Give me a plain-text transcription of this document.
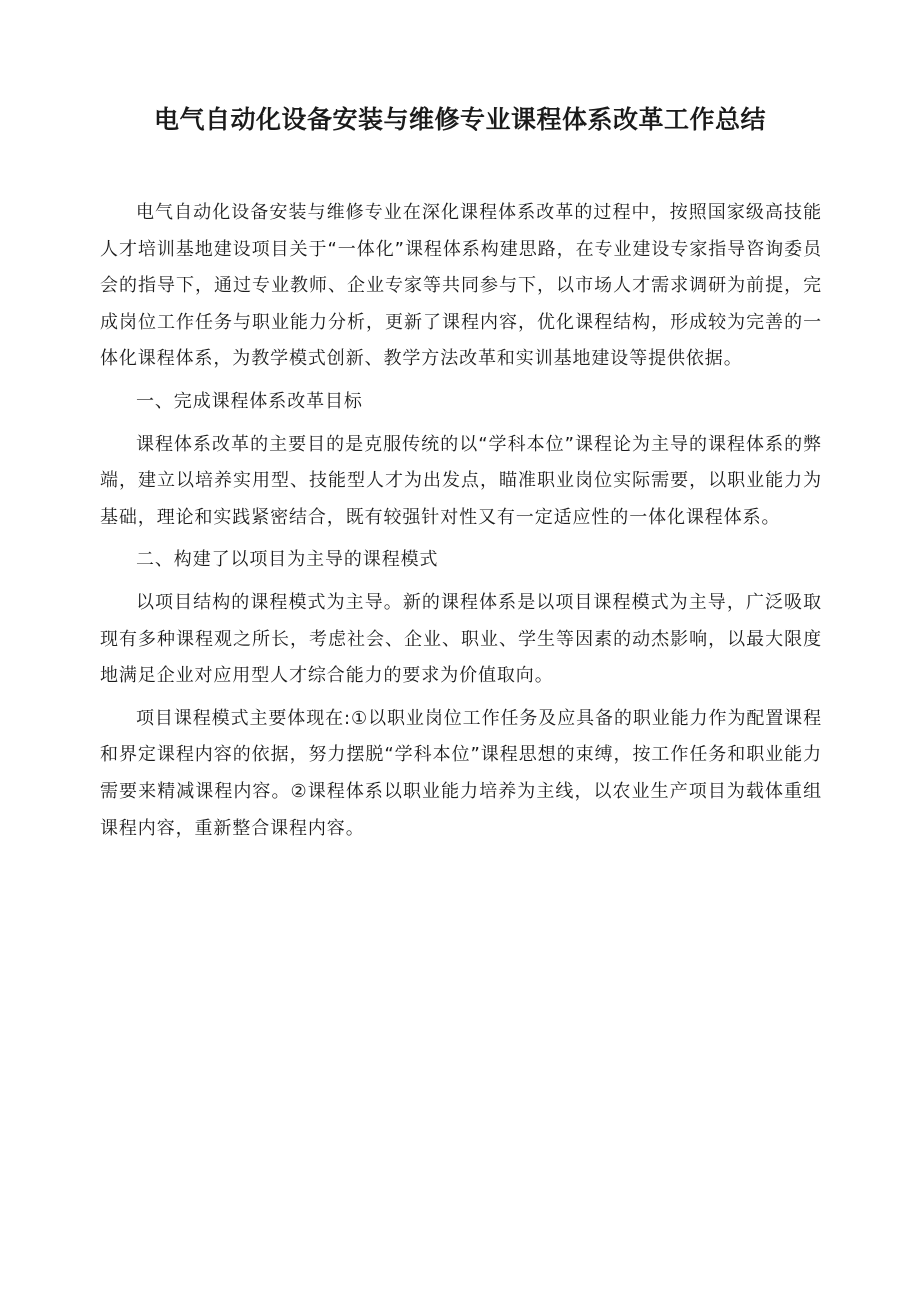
电气自动化设备安装与维修专业课程体系改革工作总结

电气自动化设备安装与维修专业在深化课程体系改革的过程中，按照国家级高技能人才培训基地建设项目关于“一体化”课程体系构建思路，在专业建设专家指导咨询委员会的指导下，通过专业教师、企业专家等共同参与下，以市场人才需求调研为前提，完成岗位工作任务与职业能力分析，更新了课程内容，优化课程结构，形成较为完善的一体化课程体系，为教学模式创新、教学方法改革和实训基地建设等提供依据。

一、完成课程体系改革目标

课程体系改革的主要目的是克服传统的以“学科本位”课程论为主导的课程体系的弊端，建立以培养实用型、技能型人才为出发点，瞄准职业岗位实际需要，以职业能力为基础，理论和实践紧密结合，既有较强针对性又有一定适应性的一体化课程体系。

二、构建了以项目为主导的课程模式

以项目结构的课程模式为主导。新的课程体系是以项目课程模式为主导，广泛吸取现有多种课程观之所长，考虑社会、企业、职业、学生等因素的动杰影响，以最大限度地满足企业对应用型人才综合能力的要求为价值取向。

项目课程模式主要体现在:①以职业岗位工作任务及应具备的职业能力作为配置课程和界定课程内容的依据，努力摆脱“学科本位”课程思想的束缚，按工作任务和职业能力需要来精减课程内容。②课程体系以职业能力培养为主线，以农业生产项目为载体重组课程内容，重新整合课程内容。
